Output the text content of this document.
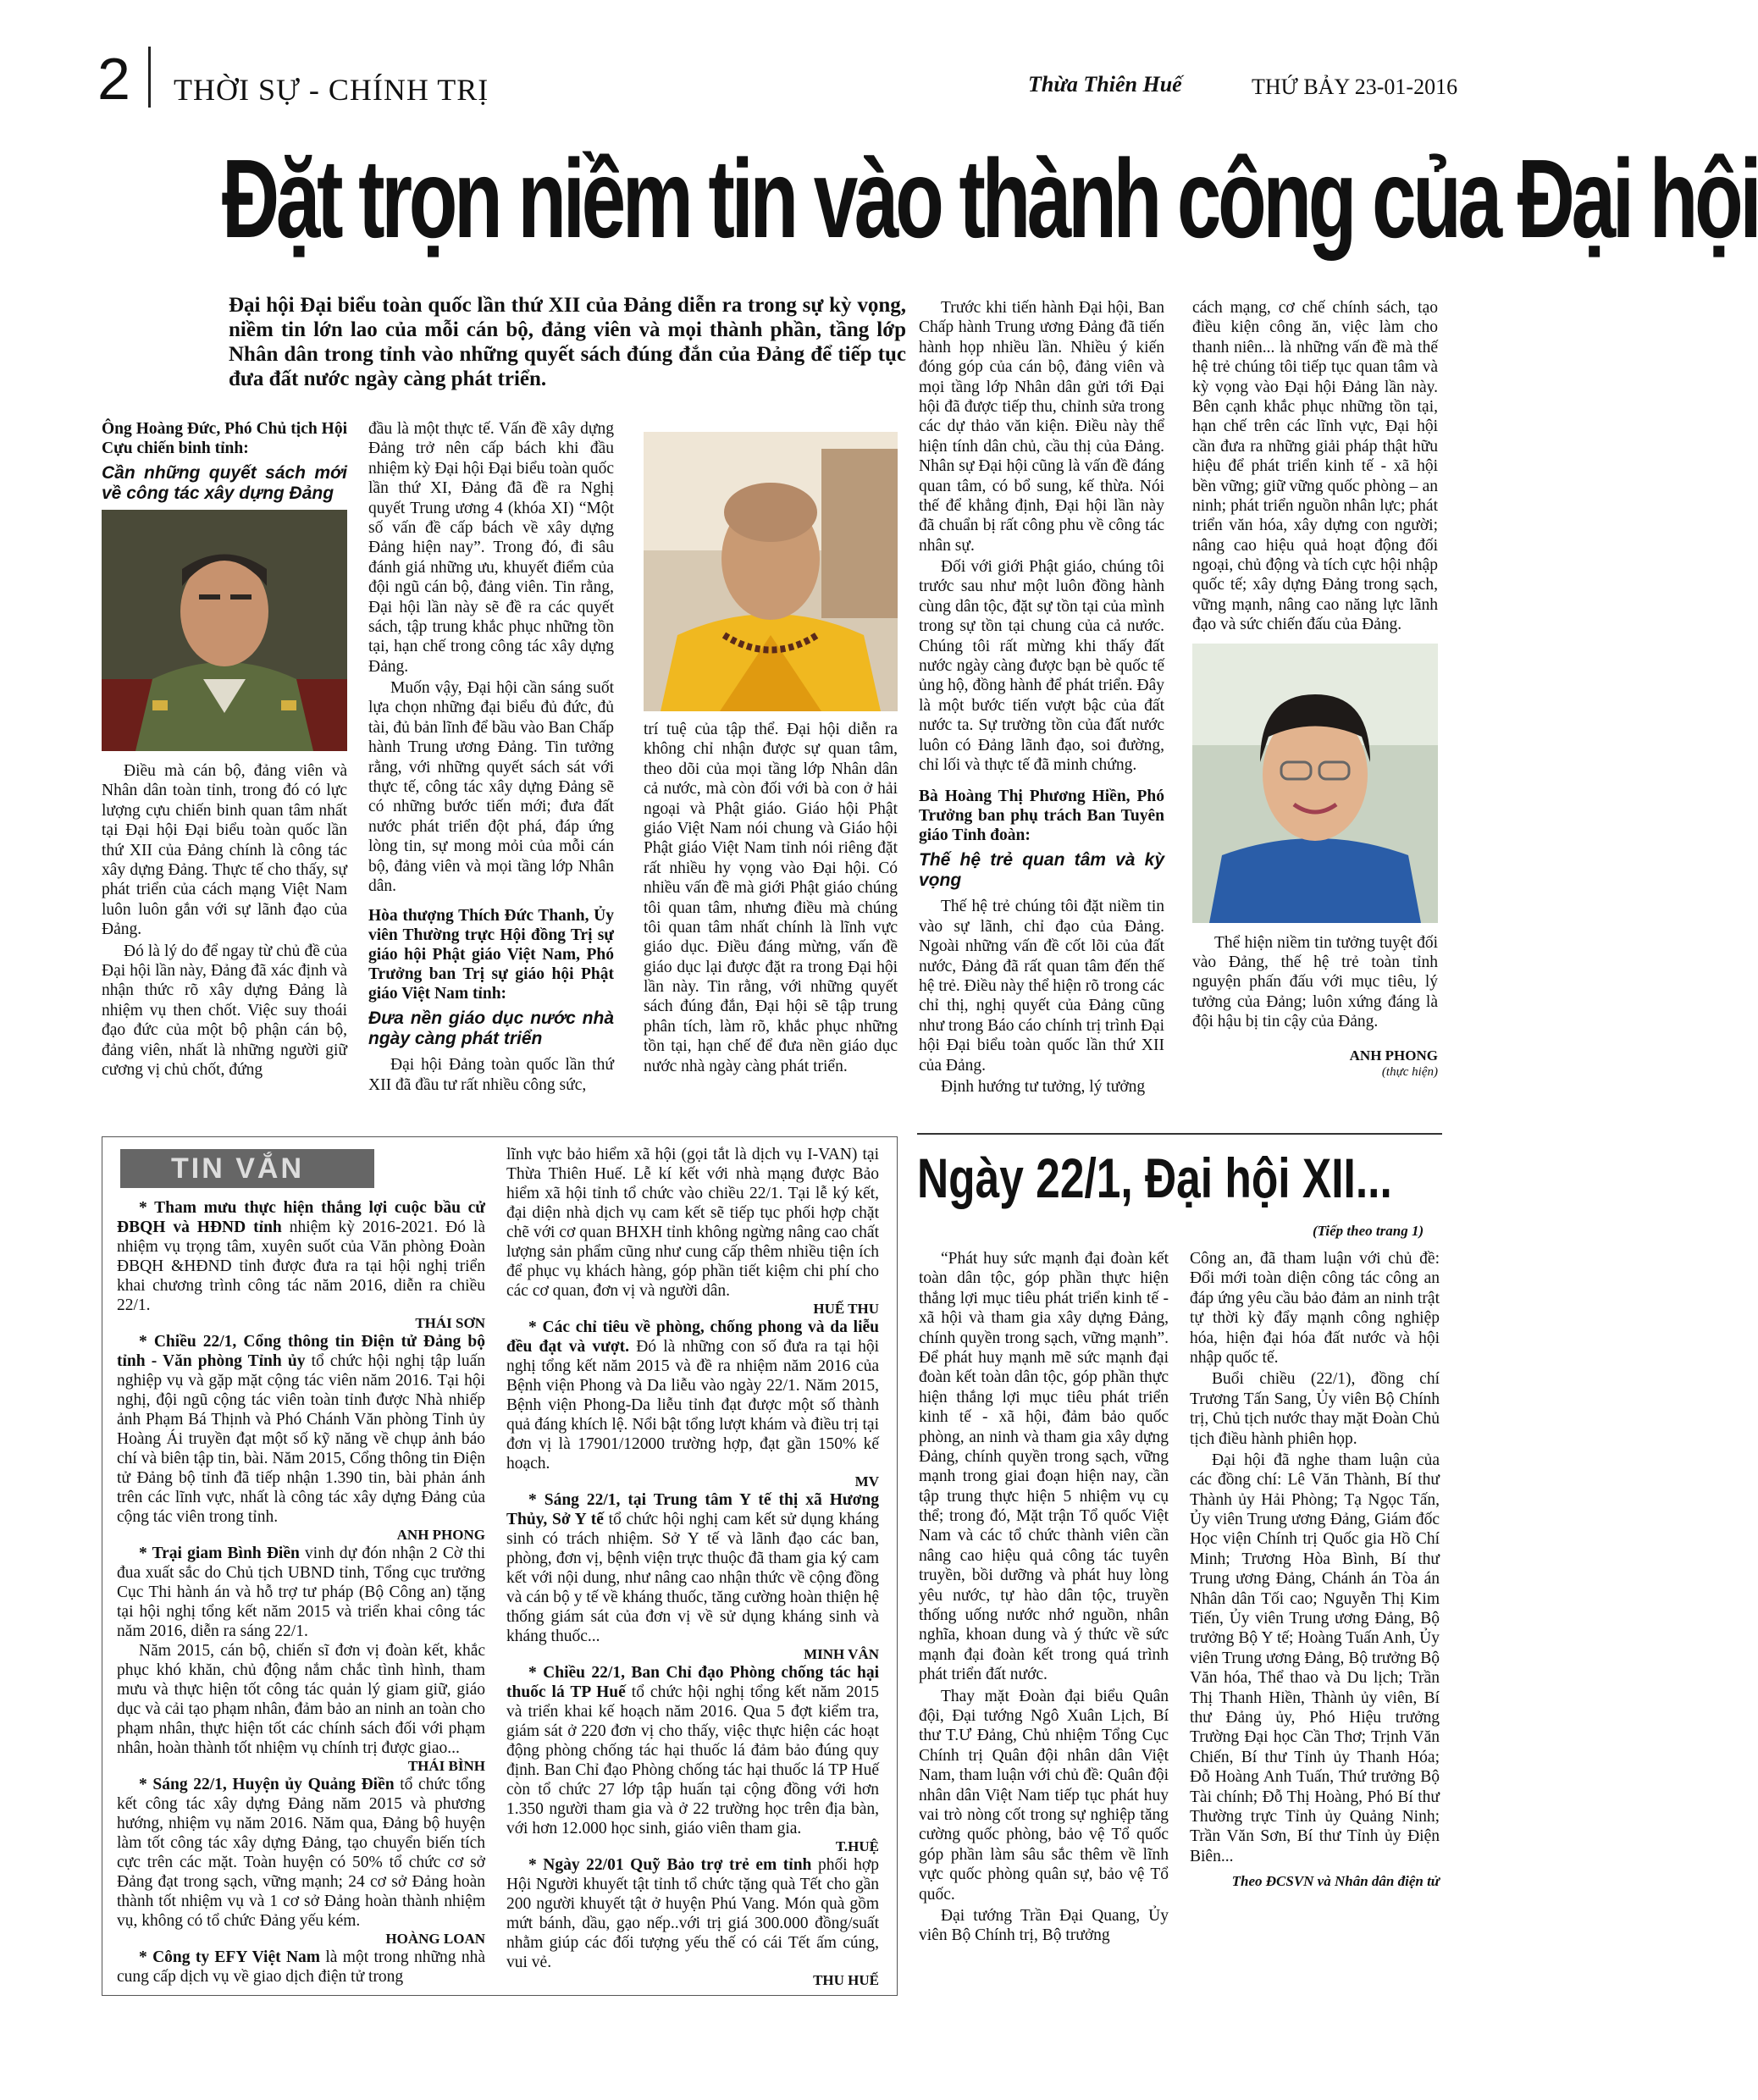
2 THỜI SỰ - CHÍNH TRỊ	Thừa Thiên Huế	THỨ BẢY 23-01-2016
Đặt trọn niềm tin vào thành công của Đại hội
Đại hội Đại biểu toàn quốc lần thứ XII của Đảng diễn ra trong sự kỳ vọng, niềm tin lớn lao của mỗi cán bộ, đảng viên và mọi thành phần, tầng lớp Nhân dân trong tỉnh vào những quyết sách đúng đắn của Đảng để tiếp tục đưa đất nước ngày càng phát triển.
Ông Hoàng Đức, Phó Chủ tịch Hội Cựu chiến binh tỉnh:
Cần những quyết sách mới về công tác xây dựng Đảng

Điều mà cán bộ, đảng viên và Nhân dân toàn tỉnh, trong đó có lực lượng cựu chiến binh quan tâm nhất tại Đại hội Đại biểu toàn quốc lần thứ XII của Đảng chính là công tác xây dựng Đảng. Thực tế cho thấy, sự phát triển của cách mạng Việt Nam luôn luôn gắn với sự lãnh đạo của Đảng.

Đó là lý do để ngay từ chủ đề của Đại hội lần này, Đảng đã xác định và nhận thức rõ xây dựng Đảng là nhiệm vụ then chốt. Việc suy thoái đạo đức của một bộ phận cán bộ, đảng viên, nhất là những người giữ cương vị chủ chốt, đứng

đầu là một thực tế. Vấn đề xây dựng Đảng trở nên cấp bách khi đầu nhiệm kỳ Đại hội Đại biểu toàn quốc lần thứ XI, Đảng đã đề ra Nghị quyết Trung ương 4 (khóa XI) “Một số vấn đề cấp bách về xây dựng Đảng hiện nay”. Trong đó, đi sâu đánh giá những ưu, khuyết điểm của đội ngũ cán bộ, đảng viên. Tin rằng, Đại hội lần này sẽ đề ra các quyết sách, tập trung khắc phục những tồn tại, hạn chế trong công tác xây dựng Đảng.

Muốn vậy, Đại hội cần sáng suốt lựa chọn những đại biểu đủ đức, đủ tài, đủ bản lĩnh để bầu vào Ban Chấp hành Trung ương Đảng. Tin tưởng rằng, với những quyết sách sát với thực tế, công tác xây dựng Đảng sẽ có những bước tiến mới; đưa đất nước phát triển đột phá, đáp ứng lòng tin, sự mong mỏi của mỗi cán bộ, đảng viên và mọi tầng lớp Nhân dân.

Hòa thượng Thích Đức Thanh, Ủy viên Thường trực Hội đồng Trị sự giáo hội Phật giáo Việt Nam, Phó Trưởng ban Trị sự giáo hội Phật giáo Việt Nam tỉnh:
Đưa nền giáo dục nước nhà ngày càng phát triển

Đại hội Đảng toàn quốc lần thứ XII đã đầu tư rất nhiều công sức,

trí tuệ của tập thể. Đại hội diễn ra không chỉ nhận được sự quan tâm, theo dõi của mọi tầng lớp Nhân dân cả nước, mà còn đối với bà con ở hải ngoại và Phật giáo. Giáo hội Phật giáo Việt Nam nói chung và Giáo hội Phật giáo Việt Nam tỉnh nói riêng đặt rất nhiều hy vọng vào Đại hội. Có nhiều vấn đề mà giới Phật giáo chúng tôi quan tâm, nhưng điều mà chúng tôi quan tâm nhất chính là lĩnh vực giáo dục. Điều đáng mừng, vấn đề giáo dục lại được đặt ra trong Đại hội lần này. Tin rằng, với những quyết sách đúng đắn, Đại hội sẽ tập trung phân tích, làm rõ, khắc phục những tồn tại, hạn chế để đưa nền giáo dục nước nhà ngày càng phát triển.

Trước khi tiến hành Đại hội, Ban Chấp hành Trung ương Đảng đã tiến hành họp nhiều lần. Nhiều ý kiến đóng góp của cán bộ, đảng viên và mọi tầng lớp Nhân dân gửi tới Đại hội đã được tiếp thu, chỉnh sửa trong các dự thảo văn kiện. Điều này thể hiện tính dân chủ, cầu thị của Đảng. Nhân sự Đại hội cũng là vấn đề đáng quan tâm, có bổ sung, kế thừa. Nói thế để khẳng định, Đại hội lần này đã chuẩn bị rất công phu về công tác nhân sự.

Đối với giới Phật giáo, chúng tôi trước sau như một luôn đồng hành cùng dân tộc, đặt sự tồn tại của mình trong sự tồn tại chung của cả nước. Chúng tôi rất mừng khi thấy đất nước ngày càng được bạn bè quốc tế ủng hộ, đồng hành để phát triển. Đây là một bước tiến vượt bậc của đất nước ta. Sự trường tồn của đất nước luôn có Đảng lãnh đạo, soi đường, chỉ lối và thực tế đã minh chứng.

Bà Hoàng Thị Phương Hiền, Phó Trưởng ban phụ trách Ban Tuyên giáo Tỉnh đoàn:
Thế hệ trẻ quan tâm và kỳ vọng

Thế hệ trẻ chúng tôi đặt niềm tin vào sự lãnh, chỉ đạo của Đảng. Ngoài những vấn đề cốt lõi của đất nước, Đảng đã rất quan tâm đến thế hệ trẻ. Điều này thể hiện rõ trong các chỉ thị, nghị quyết của Đảng cũng như trong Báo cáo chính trị trình Đại hội Đại biểu toàn quốc lần thứ XII của Đảng.

Định hướng tư tưởng, lý tưởng

cách mạng, cơ chế chính sách, tạo điều kiện công ăn, việc làm cho thanh niên... là những vấn đề mà thế hệ trẻ chúng tôi tiếp tục quan tâm và kỳ vọng vào Đại hội Đảng lần này. Bên cạnh khắc phục những tồn tại, hạn chế trên các lĩnh vực, Đại hội cần đưa ra những giải pháp thật hữu hiệu để phát triển kinh tế - xã hội bền vững; giữ vững quốc phòng – an ninh; phát triển nguồn nhân lực; phát triển văn hóa, xây dựng con người; nâng cao hiệu quả hoạt động đối ngoại, chủ động và tích cực hội nhập quốc tế; xây dựng Đảng trong sạch, vững mạnh, nâng cao năng lực lãnh đạo và sức chiến đấu của Đảng.

Thể hiện niềm tin tưởng tuyệt đối vào Đảng, thế hệ trẻ toàn tỉnh nguyện phấn đấu với mục tiêu, lý tưởng của Đảng; luôn xứng đáng là đội hậu bị tin cậy của Đảng.

ANH PHONG
(thực hiện)
TIN VẮN

* Tham mưu thực hiện thắng lợi cuộc bầu cử ĐBQH và HĐND tỉnh nhiệm kỳ 2016-2021. Đó là nhiệm vụ trọng tâm, xuyên suốt của Văn phòng Đoàn ĐBQH &HĐND tỉnh được đưa ra tại hội nghị triển khai chương trình công tác năm 2016, diễn ra chiều 22/1.

THÁI SƠN

* Chiều 22/1, Cổng thông tin Điện tử Đảng bộ tỉnh - Văn phòng Tỉnh ủy tổ chức hội nghị tập luấn nghiệp vụ và gặp mặt cộng tác viên năm 2016. Tại hội nghị, đội ngũ cộng tác viên toàn tỉnh được Nhà nhiếp ảnh Phạm Bá Thịnh và Phó Chánh Văn phòng Tỉnh ủy Hoàng Ái truyền đạt một số kỹ năng về chụp ảnh báo chí và biên tập tin, bài. Năm 2015, Cổng thông tin Điện tử Đảng bộ tỉnh đã tiếp nhận 1.390 tin, bài phản ánh trên các lĩnh vực, nhất là công tác xây dựng Đảng của cộng tác viên trong tỉnh.

ANH PHONG

* Trại giam Bình Điền vinh dự đón nhận 2 Cờ thi đua xuất sắc do Chủ tịch UBND tỉnh, Tổng cục trưởng Cục Thi hành án và hỗ trợ tư pháp (Bộ Công an) tặng tại hội nghị tổng kết năm 2015 và triển khai công tác năm 2016, diễn ra sáng 22/1.

Năm 2015, cán bộ, chiến sĩ đơn vị đoàn kết, khắc phục khó khăn, chủ động nắm chắc tình hình, tham mưu và thực hiện tốt công tác quản lý giam giữ, giáo dục và cải tạo phạm nhân, đảm bảo an ninh an toàn cho phạm nhân, thực hiện tốt các chính sách đối với phạm nhân, hoàn thành tốt nhiệm vụ chính trị được giao...

THÁI BÌNH

* Sáng 22/1, Huyện ủy Quảng Điền tổ chức tổng kết công tác xây dựng Đảng năm 2015 và phương hướng, nhiệm vụ năm 2016. Năm qua, Đảng bộ huyện làm tốt công tác xây dựng Đảng, tạo chuyển biến tích cực trên các mặt. Toàn huyện có 50% tổ chức cơ sở Đảng đạt trong sạch, vững mạnh; 24 cơ sở Đảng hoàn thành tốt nhiệm vụ và 1 cơ sở Đảng hoàn thành nhiệm vụ, không có tổ chức Đảng yếu kém.

HOÀNG LOAN

* Công ty EFY Việt Nam là một trong những nhà cung cấp dịch vụ về giao dịch điện tử trong

lĩnh vực bảo hiểm xã hội (gọi tắt là dịch vụ I-VAN) tại Thừa Thiên Huế. Lễ kí kết với nhà mạng được Bảo hiểm xã hội tỉnh tổ chức vào chiều 22/1. Tại lễ ký kết, đại diện nhà dịch vụ cam kết sẽ tiếp tục phối hợp chặt chẽ với cơ quan BHXH tỉnh không ngừng nâng cao chất lượng sản phẩm cũng như cung cấp thêm nhiều tiện ích để phục vụ khách hàng, góp phần tiết kiệm chi phí cho các cơ quan, đơn vị và người dân.

HUẾ THU

* Các chỉ tiêu về phòng, chống phong và da liễu đều đạt và vượt. Đó là những con số đưa ra tại hội nghị tổng kết năm 2015 và đề ra nhiệm năm 2016 của Bệnh viện Phong và Da liễu vào ngày 22/1. Năm 2015, Bệnh viện Phong-Da liễu tỉnh đạt được một số thành quả đáng khích lệ. Nổi bật tổng lượt khám và điều trị tại đơn vị là 17901/12000 trường hợp, đạt gần 150% kế hoạch.

MV

* Sáng 22/1, tại Trung tâm Y tế thị xã Hương Thủy, Sở Y tế tổ chức hội nghị cam kết sử dụng kháng sinh có trách nhiệm. Sở Y tế và lãnh đạo các ban, phòng, đơn vị, bệnh viện trực thuộc đã tham gia ký cam kết với nội dung, như nâng cao nhận thức về cộng đồng và cán bộ y tế về kháng thuốc, tăng cường hoàn thiện hệ thống giám sát của đơn vị về sử dụng kháng sinh và kháng thuốc...

MINH VÂN

* Chiều 22/1, Ban Chỉ đạo Phòng chống tác hại thuốc lá TP Huế tổ chức hội nghị tổng kết năm 2015 và triển khai kế hoạch năm 2016. Qua 5 đợt kiểm tra, giám sát ở 220 đơn vị cho thấy, việc thực hiện các hoạt động phòng chống tác hại thuốc lá đảm bảo đúng quy định. Ban Chỉ đạo Phòng chống tác hại thuốc lá TP Huế còn tổ chức 27 lớp tập huấn tại cộng đồng với hơn 1.350 người tham gia và ở 22 trường học trên địa bàn, với hơn 12.000 học sinh, giáo viên tham gia.

T.HUỆ

* Ngày 22/01 Quỹ Bảo trợ trẻ em tỉnh phối hợp Hội Người khuyết tật tỉnh tổ chức tặng quà Tết cho gần 200 người khuyết tật ở huyện Phú Vang. Món quà gồm mứt bánh, dầu, gạo nếp..với trị giá 300.000 đồng/suất nhằm giúp các đối tượng yếu thế có cái Tết ấm cúng, vui vẻ.

THU HUẾ
Ngày 22/1, Đại hội XII...
(Tiếp theo trang 1)

“Phát huy sức mạnh đại đoàn kết toàn dân tộc, góp phần thực hiện thắng lợi mục tiêu phát triển kinh tế - xã hội và tham gia xây dựng Đảng, chính quyền trong sạch, vững mạnh”. Để phát huy mạnh mẽ sức mạnh đại đoàn kết toàn dân tộc, góp phần thực hiện thắng lợi mục tiêu phát triển kinh tế - xã hội, đảm bảo quốc phòng, an ninh và tham gia xây dựng Đảng, chính quyền trong sạch, vững mạnh trong giai đoạn hiện nay, cần tập trung thực hiện 5 nhiệm vụ cụ thể; trong đó, Mặt trận Tổ quốc Việt Nam và các tổ chức thành viên cần nâng cao hiệu quả công tác tuyên truyền, bồi dưỡng và phát huy lòng yêu nước, tự hào dân tộc, truyền thống uống nước nhớ nguồn, nhân nghĩa, khoan dung và ý thức về sức mạnh đại đoàn kết trong quá trình phát triển đất nước.

Thay mặt Đoàn đại biểu Quân đội, Đại tướng Ngô Xuân Lịch, Bí thư T.Ư Đảng, Chủ nhiệm Tổng Cục Chính trị Quân đội nhân dân Việt Nam, tham luận với chủ đề: Quân đội nhân dân Việt Nam tiếp tục phát huy vai trò nòng cốt trong sự nghiệp tăng cường quốc phòng, bảo vệ Tổ quốc góp phần làm sâu sắc thêm về lĩnh vực quốc phòng quân sự, bảo vệ Tổ quốc.

Đại tướng Trần Đại Quang, Ủy viên Bộ Chính trị, Bộ trưởng

Công an, đã tham luận với chủ đề: Đổi mới toàn diện công tác công an đáp ứng yêu cầu bảo đảm an ninh trật tự thời kỳ đẩy mạnh công nghiệp hóa, hiện đại hóa đất nước và hội nhập quốc tế.

Buổi chiều (22/1), đồng chí Trương Tấn Sang, Ủy viên Bộ Chính trị, Chủ tịch nước thay mặt Đoàn Chủ tịch điều hành phiên họp.

Đại hội đã nghe tham luận của các đồng chí: Lê Văn Thành, Bí thư Thành ủy Hải Phòng; Tạ Ngọc Tấn, Ủy viên Trung ương Đảng, Giám đốc Học viện Chính trị Quốc gia Hồ Chí Minh; Trương Hòa Bình, Bí thư Trung ương Đảng, Chánh án Tòa án Nhân dân Tối cao; Nguyễn Thị Kim Tiến, Ủy viên Trung ương Đảng, Bộ trưởng Bộ Y tế; Hoàng Tuấn Anh, Ủy viên Trung ương Đảng, Bộ trưởng Bộ Văn hóa, Thể thao và Du lịch; Trần Thị Thanh Hiền, Thành ủy viên, Bí thư Đảng ủy, Phó Hiệu trưởng Trường Đại học Cần Thơ; Trịnh Văn Chiến, Bí thư Tỉnh ủy Thanh Hóa; Đỗ Hoàng Anh Tuấn, Thứ trưởng Bộ Tài chính; Đỗ Thị Hoàng, Phó Bí thư Thường trực Tỉnh ủy Quảng Ninh; Trần Văn Sơn, Bí thư Tỉnh ủy Điện Biên...

Theo ĐCSVN và Nhân dân điện tử
